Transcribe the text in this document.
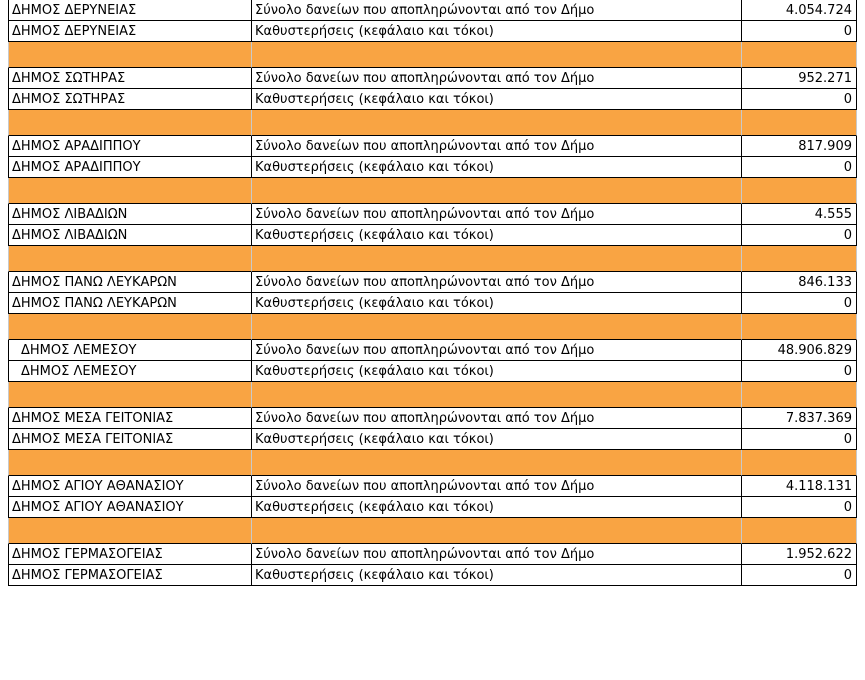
ΔΗΜΟΣ ΔΕΡΥΝΕΙΑΣ	Σύνολο δανείων που αποπληρώνονται από τον Δήμο	4.054.724
ΔΗΜΟΣ ΔΕΡΥΝΕΙΑΣ	Καθυστερήσεις (κεφάλαιο και τόκοι)	0
ΔΗΜΟΣ ΣΩΤΗΡΑΣ	Σύνολο δανείων που αποπληρώνονται από τον Δήμο	952.271
ΔΗΜΟΣ ΣΩΤΗΡΑΣ	Καθυστερήσεις (κεφάλαιο και τόκοι)	0
ΔΗΜΟΣ ΑΡΑΔΙΠΠΟΥ	Σύνολο δανείων που αποπληρώνονται από τον Δήμο	817.909
ΔΗΜΟΣ ΑΡΑΔΙΠΠΟΥ	Καθυστερήσεις (κεφάλαιο και τόκοι)	0
ΔΗΜΟΣ ΛΙΒΑΔΙΩΝ	Σύνολο δανείων που αποπληρώνονται από τον Δήμο	4.555
ΔΗΜΟΣ ΛΙΒΑΔΙΩΝ	Καθυστερήσεις (κεφάλαιο και τόκοι)	0
ΔΗΜΟΣ ΠΑΝΩ ΛΕΥΚΑΡΩΝ	Σύνολο δανείων που αποπληρώνονται από τον Δήμο	846.133
ΔΗΜΟΣ ΠΑΝΩ ΛΕΥΚΑΡΩΝ	Καθυστερήσεις (κεφάλαιο και τόκοι)	0
ΔΗΜΟΣ ΛΕΜΕΣΟΥ	Σύνολο δανείων που αποπληρώνονται από τον Δήμο	48.906.829
ΔΗΜΟΣ ΛΕΜΕΣΟΥ	Καθυστερήσεις (κεφάλαιο και τόκοι)	0
ΔΗΜΟΣ ΜΕΣΑ ΓΕΙΤΟΝΙΑΣ	Σύνολο δανείων που αποπληρώνονται από τον Δήμο	7.837.369
ΔΗΜΟΣ ΜΕΣΑ ΓΕΙΤΟΝΙΑΣ	Καθυστερήσεις (κεφάλαιο και τόκοι)	0
ΔΗΜΟΣ ΑΓΙΟΥ ΑΘΑΝΑΣΙΟΥ	Σύνολο δανείων που αποπληρώνονται από τον Δήμο	4.118.131
ΔΗΜΟΣ ΑΓΙΟΥ ΑΘΑΝΑΣΙΟΥ	Καθυστερήσεις (κεφάλαιο και τόκοι)	0
ΔΗΜΟΣ ΓΕΡΜΑΣΟΓΕΙΑΣ	Σύνολο δανείων που αποπληρώνονται από τον Δήμο	1.952.622
ΔΗΜΟΣ ΓΕΡΜΑΣΟΓΕΙΑΣ	Καθυστερήσεις (κεφάλαιο και τόκοι)	0
